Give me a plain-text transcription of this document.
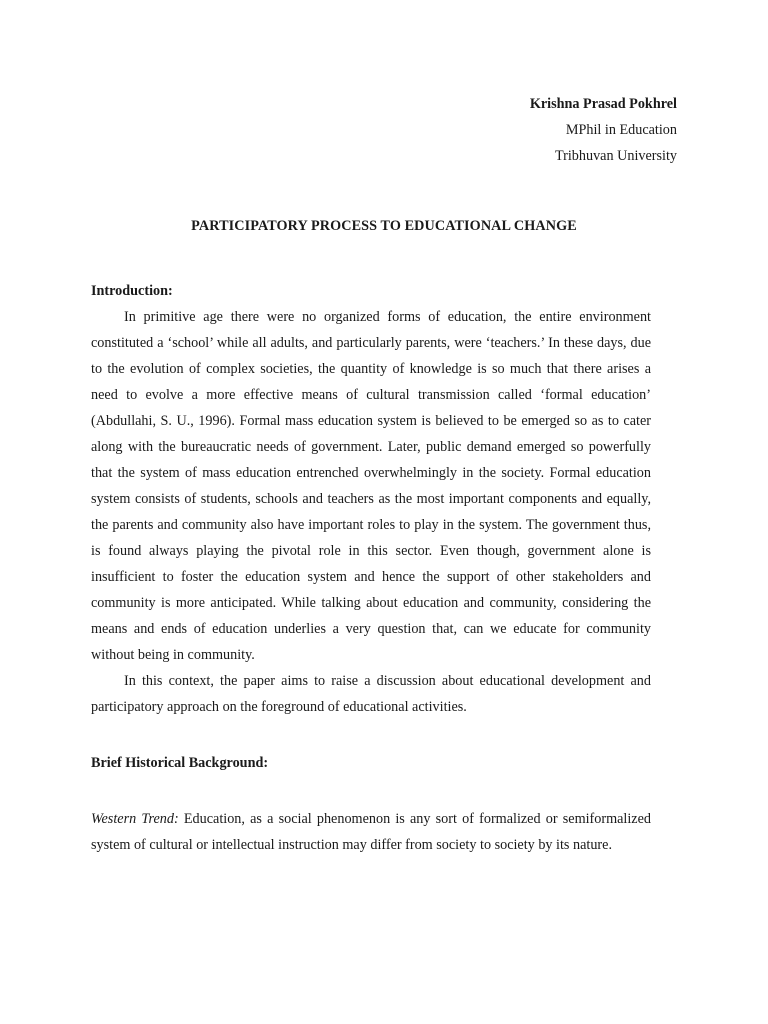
Krishna Prasad Pokhrel
MPhil in Education
Tribhuvan University
PARTICIPATORY PROCESS TO EDUCATIONAL CHANGE
Introduction:

In primitive age there were no organized forms of education, the entire environment constituted a ‘school’ while all adults, and particularly parents, were ‘teachers.’ In these days, due to the evolution of complex societies, the quantity of knowledge is so much that there arises a need to evolve a more effective means of cultural transmission called ‘formal education’ (Abdullahi, S. U., 1996). Formal mass education system is believed to be emerged so as to cater along with the bureaucratic needs of government. Later, public demand emerged so powerfully that the system of mass education entrenched overwhelmingly in the society. Formal education system consists of students, schools and teachers as the most important components and equally, the parents and community also have important roles to play in the system. The government thus, is found always playing the pivotal role in this sector. Even though, government alone is insufficient to foster the education system and hence the support of other stakeholders and community is more anticipated. While talking about education and community, considering the means and ends of education underlies a very question that, can we educate for community without being in community.

In this context, the paper aims to raise a discussion about educational development and participatory approach on the foreground of educational activities.

Brief Historical Background:

Western Trend: Education, as a social phenomenon is any sort of formalized or semiformalized system of cultural or intellectual instruction may differ from society to society by its nature.
